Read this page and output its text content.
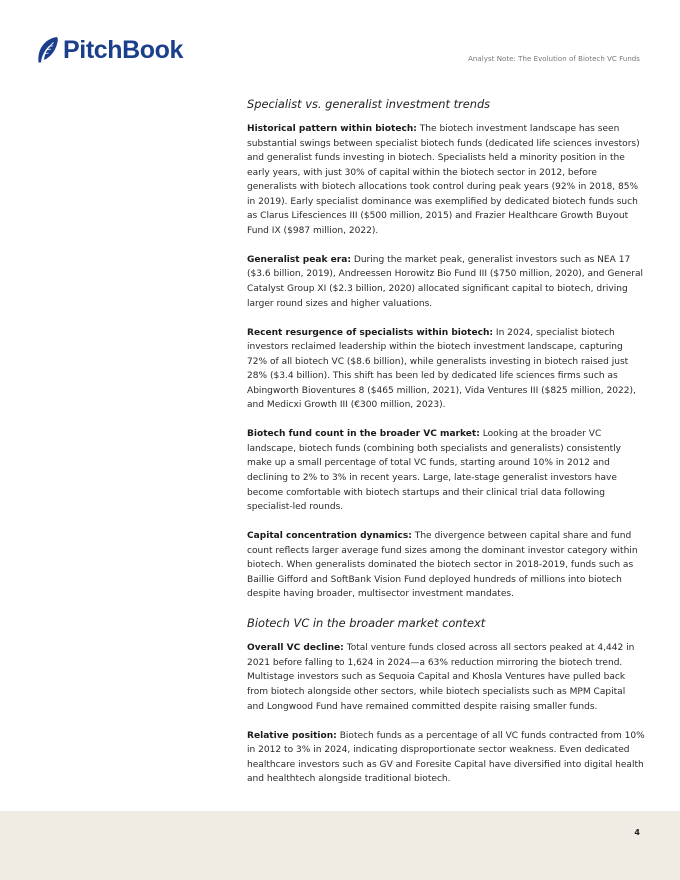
PitchBook	Analyst Note: The Evolution of Biotech VC Funds
Specialist vs. generalist investment trends

Historical pattern within biotech: The biotech investment landscape has seen substantial swings between specialist biotech funds (dedicated life sciences investors) and generalist funds investing in biotech. Specialists held a minority position in the early years, with just 30% of capital within the biotech sector in 2012, before generalists with biotech allocations took control during peak years (92% in 2018, 85% in 2019). Early specialist dominance was exemplified by dedicated biotech funds such as Clarus Lifesciences III ($500 million, 2015) and Frazier Healthcare Growth Buyout Fund IX ($987 million, 2022).

Generalist peak era: During the market peak, generalist investors such as NEA 17 ($3.6 billion, 2019), Andreessen Horowitz Bio Fund III ($750 million, 2020), and General Catalyst Group XI ($2.3 billion, 2020) allocated significant capital to biotech, driving larger round sizes and higher valuations.

Recent resurgence of specialists within biotech: In 2024, specialist biotech investors reclaimed leadership within the biotech investment landscape, capturing 72% of all biotech VC ($8.6 billion), while generalists investing in biotech raised just 28% ($3.4 billion). This shift has been led by dedicated life sciences firms such as Abingworth Bioventures 8 ($465 million, 2021), Vida Ventures III ($825 million, 2022), and Medicxi Growth III (€300 million, 2023).

Biotech fund count in the broader VC market: Looking at the broader VC landscape, biotech funds (combining both specialists and generalists) consistently make up a small percentage of total VC funds, starting around 10% in 2012 and declining to 2% to 3% in recent years. Large, late-stage generalist investors have become comfortable with biotech startups and their clinical trial data following specialist-led rounds.

Capital concentration dynamics: The divergence between capital share and fund count reflects larger average fund sizes among the dominant investor category within biotech. When generalists dominated the biotech sector in 2018-2019, funds such as Baillie Gifford and SoftBank Vision Fund deployed hundreds of millions into biotech despite having broader, multisector investment mandates.

Biotech VC in the broader market context

Overall VC decline: Total venture funds closed across all sectors peaked at 4,442 in 2021 before falling to 1,624 in 2024—a 63% reduction mirroring the biotech trend. Multistage investors such as Sequoia Capital and Khosla Ventures have pulled back from biotech alongside other sectors, while biotech specialists such as MPM Capital and Longwood Fund have remained committed despite raising smaller funds.

Relative position: Biotech funds as a percentage of all VC funds contracted from 10% in 2012 to 3% in 2024, indicating disproportionate sector weakness. Even dedicated healthcare investors such as GV and Foresite Capital have diversified into digital health and healthtech alongside traditional biotech.

4
